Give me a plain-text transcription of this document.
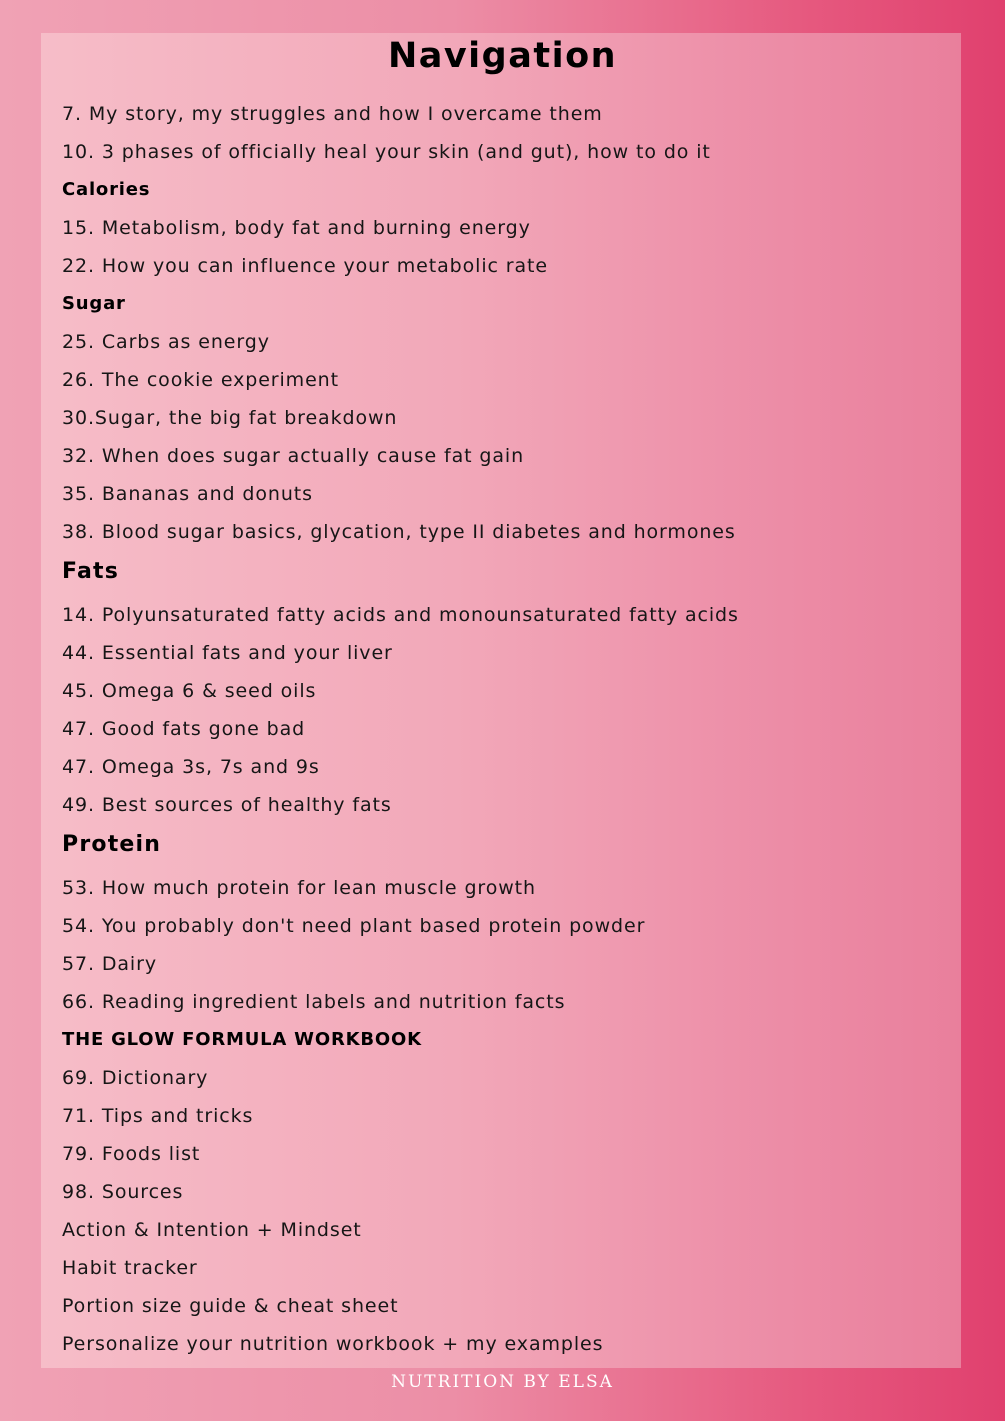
Navigation
7. My story, my struggles and how I overcame them
10. 3 phases of officially heal your skin (and gut), how to do it
Calories
15. Metabolism, body fat and burning energy
22. How you can influence your metabolic rate
Sugar
25. Carbs as energy
26. The cookie experiment
30.Sugar, the big fat breakdown
32. When does sugar actually cause fat gain
35. Bananas and donuts
38. Blood sugar basics, glycation, type II diabetes and hormones
Fats
14. Polyunsaturated fatty acids and monounsaturated fatty acids
44. Essential fats and your liver
45. Omega 6 & seed oils
47. Good fats gone bad
47. Omega 3s, 7s and 9s
49. Best sources of healthy fats
Protein
53. How much protein for lean muscle growth
54. You probably don't need plant based protein powder
57. Dairy
66. Reading ingredient labels and nutrition facts
THE GLOW FORMULA WORKBOOK
69. Dictionary
71. Tips and tricks
79. Foods list
98. Sources
Action & Intention + Mindset
Habit tracker
Portion size guide & cheat sheet
Personalize your nutrition workbook + my examples
NUTRITION BY ELSA
